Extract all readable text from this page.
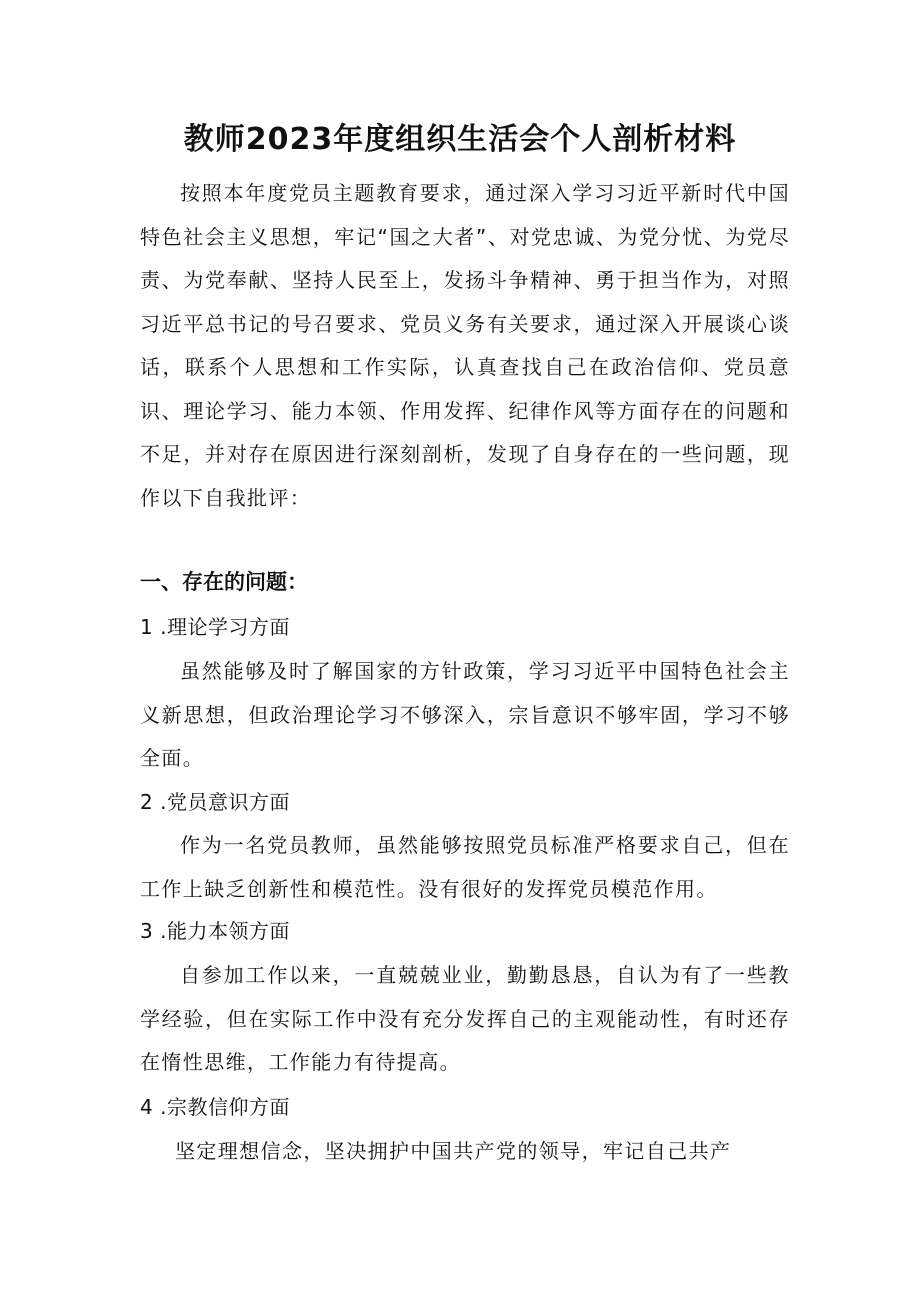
教师2023年度组织生活会个人剖析材料

按照本年度党员主题教育要求，通过深入学习习近平新时代中国特色社会主义思想，牢记“国之大者”、对党忠诚、为党分忧、为党尽责、为党奉献、坚持人民至上，发扬斗争精神、勇于担当作为，对照习近平总书记的号召要求、党员义务有关要求，通过深入开展谈心谈话，联系个人思想和工作实际，认真查找自己在政治信仰、党员意识、理论学习、能力本领、作用发挥、纪律作风等方面存在的问题和不足，并对存在原因进行深刻剖析，发现了自身存在的一些问题，现作以下自我批评：

一、存在的问题：
1 .理论学习方面

虽然能够及时了解国家的方针政策，学习习近平中国特色社会主义新思想，但政治理论学习不够深入，宗旨意识不够牢固，学习不够全面。

2 .党员意识方面

作为一名党员教师，虽然能够按照党员标准严格要求自己，但在工作上缺乏创新性和模范性。没有很好的发挥党员模范作用。

3 .能力本领方面

自参加工作以来，一直兢兢业业，勤勤恳恳，自认为有了一些教学经验，但在实际工作中没有充分发挥自己的主观能动性，有时还存在惰性思维，工作能力有待提高。

4 .宗教信仰方面

坚定理想信念，坚决拥护中国共产党的领导，牢记自己共产
